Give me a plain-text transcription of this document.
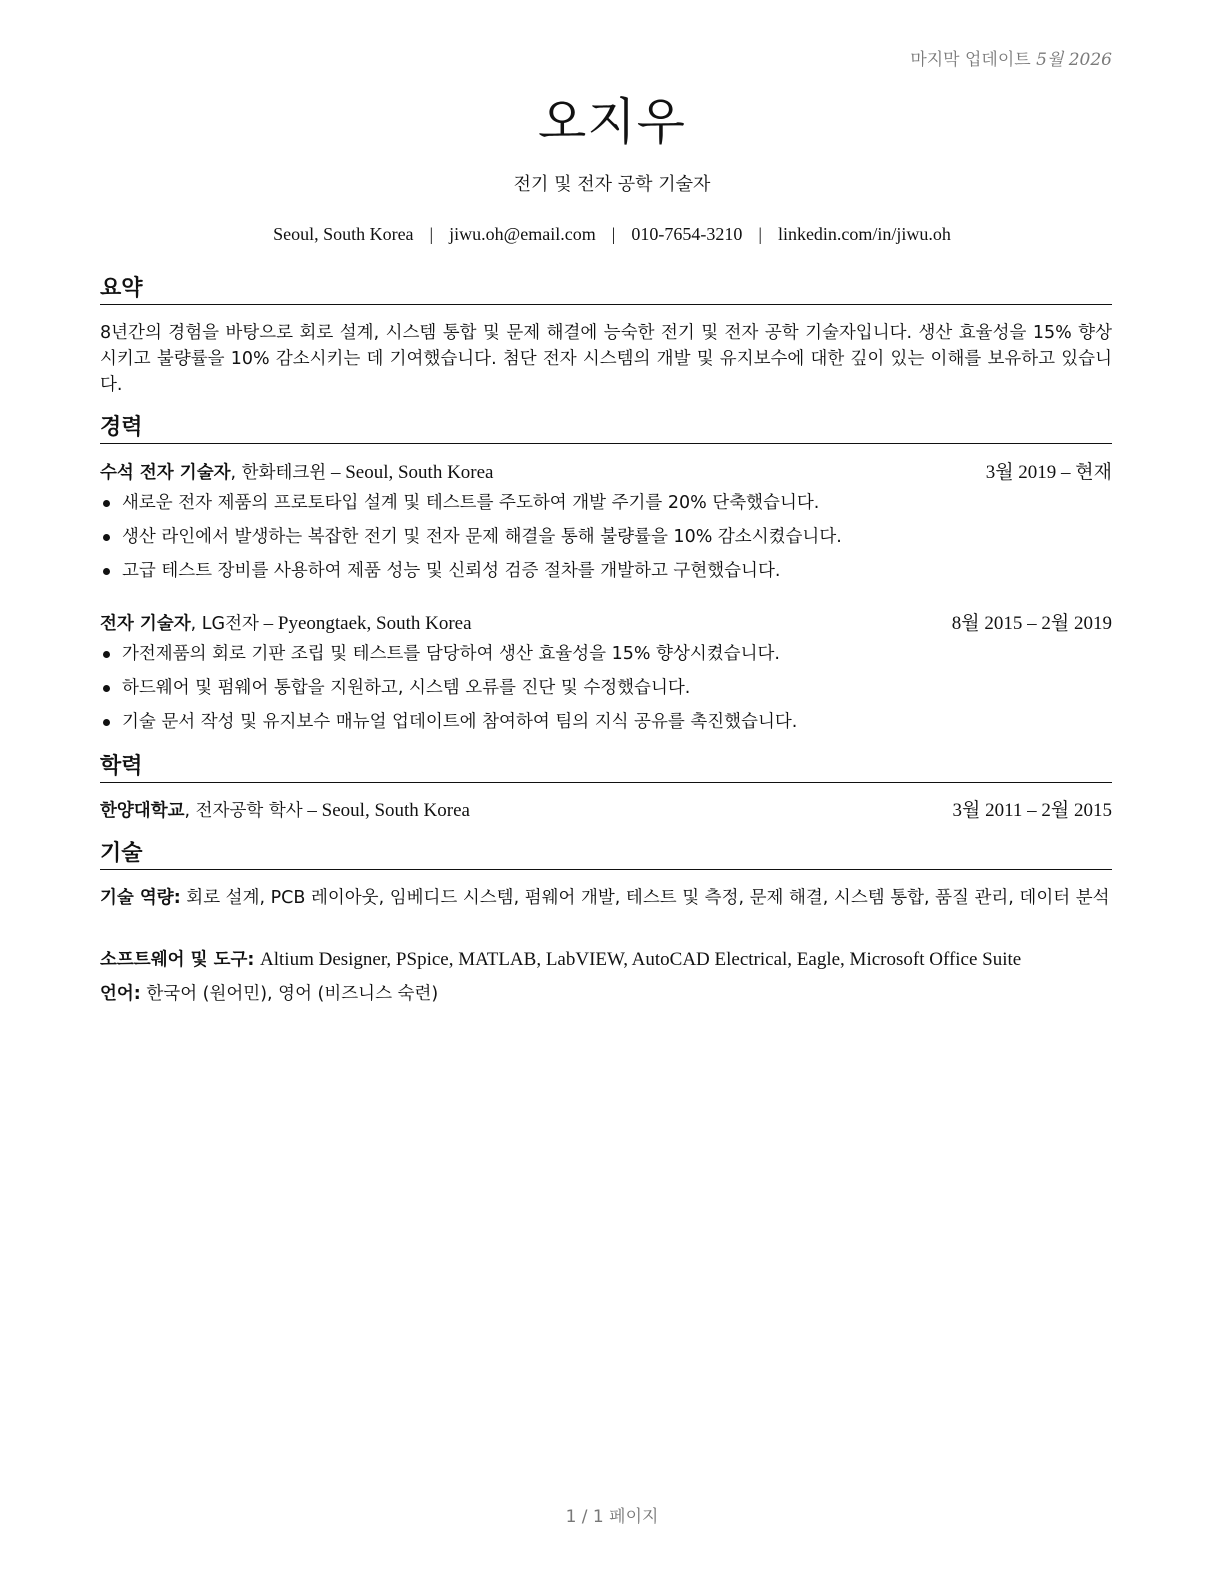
마지막 업데이트 5월 2026
오지우
전기 및 전자 공학 기술자
Seoul, South Korea | jiwu.oh@email.com | 010-7654-3210 | linkedin.com/in/jiwu.oh
요약
8년간의 경험을 바탕으로 회로 설계, 시스템 통합 및 문제 해결에 능숙한 전기 및 전자 공학 기술자입니다. 생산 효율성을 15% 향상시키고 불량률을 10% 감소시키는 데 기여했습니다. 첨단 전자 시스템의 개발 및 유지보수에 대한 깊이 있는 이해를 보유하고 있습니다.
경력
수석 전자 기술자, 한화테크윈 – Seoul, South Korea	3월 2019 – 현재
새로운 전자 제품의 프로토타입 설계 및 테스트를 주도하여 개발 주기를 20% 단축했습니다.
생산 라인에서 발생하는 복잡한 전기 및 전자 문제 해결을 통해 불량률을 10% 감소시켰습니다.
고급 테스트 장비를 사용하여 제품 성능 및 신뢰성 검증 절차를 개발하고 구현했습니다.
전자 기술자, LG전자 – Pyeongtaek, South Korea	8월 2015 – 2월 2019
가전제품의 회로 기판 조립 및 테스트를 담당하여 생산 효율성을 15% 향상시켰습니다.
하드웨어 및 펌웨어 통합을 지원하고, 시스템 오류를 진단 및 수정했습니다.
기술 문서 작성 및 유지보수 매뉴얼 업데이트에 참여하여 팀의 지식 공유를 촉진했습니다.
학력
한양대학교, 전자공학 학사 – Seoul, South Korea	3월 2011 – 2월 2015
기술
기술 역량: 회로 설계, PCB 레이아웃, 임베디드 시스템, 펌웨어 개발, 테스트 및 측정, 문제 해결, 시스템 통합, 품질 관리, 데이터 분석
소프트웨어 및 도구: Altium Designer, PSpice, MATLAB, LabVIEW, AutoCAD Electrical, Eagle, Microsoft Office Suite
언어: 한국어 (원어민), 영어 (비즈니스 숙련)
1 / 1 페이지
